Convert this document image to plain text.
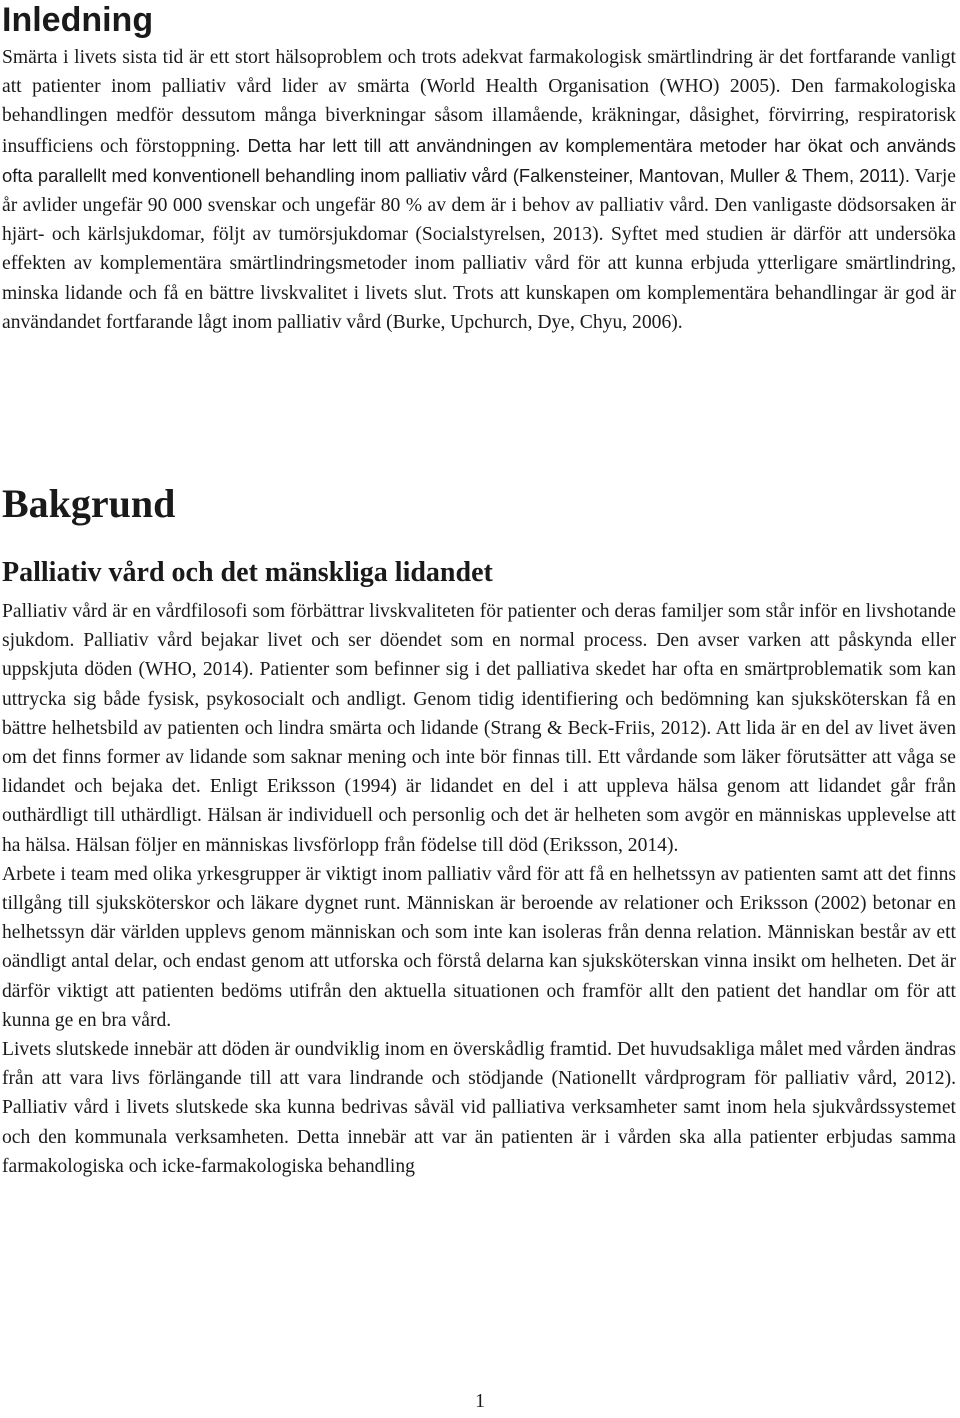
Inledning

Smärta i livets sista tid är ett stort hälsoproblem och trots adekvat farmakologisk smärtlindring är det fortfarande vanligt att patienter inom palliativ vård lider av smärta (World Health Organisation (WHO) 2005). Den farmakologiska behandlingen medför dessutom många biverkningar såsom illamående, kräkningar, dåsighet, förvirring, respiratorisk insufficiens och förstoppning. Detta har lett till att användningen av komplementära metoder har ökat och används ofta parallellt med konventionell behandling inom palliativ vård (Falkensteiner, Mantovan, Muller & Them, 2011). Varje år avlider ungefär 90 000 svenskar och ungefär 80 % av dem är i behov av palliativ vård. Den vanligaste dödsorsaken är hjärt- och kärlsjukdomar, följt av tumörsjukdomar (Socialstyrelsen, 2013). Syftet med studien är därför att undersöka effekten av komplementära smärtlindringsmetoder inom palliativ vård för att kunna erbjuda ytterligare smärtlindring, minska lidande och få en bättre livskvalitet i livets slut. Trots att kunskapen om komplementära behandlingar är god är användandet fortfarande lågt inom palliativ vård (Burke, Upchurch, Dye, Chyu, 2006).

Bakgrund
Palliativ vård och det mänskliga lidandet

Palliativ vård är en vårdfilosofi som förbättrar livskvaliteten för patienter och deras familjer som står inför en livshotande sjukdom. Palliativ vård bejakar livet och ser döendet som en normal process. Den avser varken att påskynda eller uppskjuta döden (WHO, 2014). Patienter som befinner sig i det palliativa skedet har ofta en smärtproblematik som kan uttrycka sig både fysisk, psykosocialt och andligt. Genom tidig identifiering och bedömning kan sjuksköterskan få en bättre helhetsbild av patienten och lindra smärta och lidande (Strang & Beck-Friis, 2012). Att lida är en del av livet även om det finns former av lidande som saknar mening och inte bör finnas till. Ett vårdande som läker förutsätter att våga se lidandet och bejaka det. Enligt Eriksson (1994) är lidandet en del i att uppleva hälsa genom att lidandet går från outhärdligt till uthärdligt. Hälsan är individuell och personlig och det är helheten som avgör en människas upplevelse att ha hälsa. Hälsan följer en människas livsförlopp från födelse till död (Eriksson, 2014).

Arbete i team med olika yrkesgrupper är viktigt inom palliativ vård för att få en helhetssyn av patienten samt att det finns tillgång till sjuksköterskor och läkare dygnet runt. Människan är beroende av relationer och Eriksson (2002) betonar en helhetssyn där världen upplevs genom människan och som inte kan isoleras från denna relation. Människan består av ett oändligt antal delar, och endast genom att utforska och förstå delarna kan sjuksköterskan vinna insikt om helheten. Det är därför viktigt att patienten bedöms utifrån den aktuella situationen och framför allt den patient det handlar om för att kunna ge en bra vård.

Livets slutskede innebär att döden är oundviklig inom en överskådlig framtid. Det huvudsakliga målet med vården ändras från att vara livs förlängande till att vara lindrande och stödjande (Nationellt vårdprogram för palliativ vård, 2012). Palliativ vård i livets slutskede ska kunna bedrivas såväl vid palliativa verksamheter samt inom hela sjukvårdssystemet och den kommunala verksamheten. Detta innebär att var än patienten är i vården ska alla patienter erbjudas samma farmakologiska och icke-farmakologiska behandling

1
